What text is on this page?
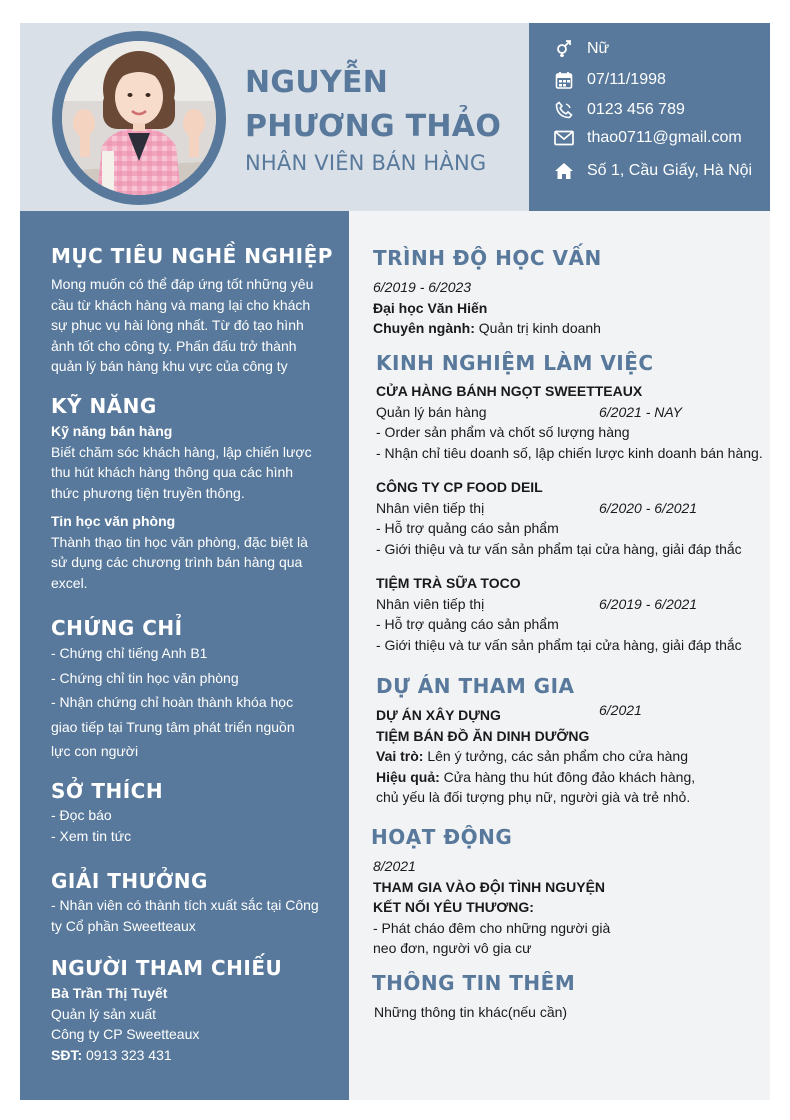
NGUYỄN
PHƯƠNG THẢO
NHÂN VIÊN BÁN HÀNG
Nữ
07/11/1998
0123 456 789
thao0711@gmail.com
Số 1, Cầu Giấy, Hà Nội
MỤC TIÊU NGHỀ NGHIỆP
Mong muốn có thể đáp ứng tốt những yêu
cầu từ khách hàng và mang lại cho khách
sự phục vụ hài lòng nhất. Từ đó tạo hình
ảnh tốt cho công ty. Phấn đấu trở thành
quản lý bán hàng khu vực của công ty
KỸ NĂNG
Kỹ năng bán hàng
Biết chăm sóc khách hàng, lập chiến lược
thu hút khách hàng thông qua các hình
thức phương tiện truyền thông.
Tin học văn phòng
Thành thạo tin học văn phòng, đặc biệt là
sử dụng các chương trình bán hàng qua
excel.
CHỨNG CHỈ
- Chứng chỉ tiếng Anh B1
- Chứng chỉ tin học văn phòng
- Nhận chứng chỉ hoàn thành khóa học
giao tiếp tại Trung tâm phát triển nguồn
lực con người
SỞ THÍCH
- Đọc báo
- Xem tin tức
GIẢI THƯỞNG
- Nhân viên có thành tích xuất sắc tại Công
ty Cổ phần Sweetteaux
NGƯỜI THAM CHIẾU
Bà Trần Thị Tuyết
Quản lý sản xuất
Công ty CP Sweetteaux
SĐT: 0913 323 431
TRÌNH ĐỘ HỌC VẤN
6/2019 - 6/2023
Đại học Văn Hiến
Chuyên ngành: Quản trị kinh doanh
KINH NGHIỆM LÀM VIỆC
CỬA HÀNG BÁNH NGỌT SWEETTEAUX
Quản lý bán hàng
- Order sản phẩm và chốt số lượng hàng
- Nhận chỉ tiêu doanh số, lập chiến lược kinh doanh bán hàng.
6/2021 - NAY
CÔNG TY CP FOOD DEIL
Nhân viên tiếp thị
- Hỗ trợ quảng cáo sản phẩm
- Giới thiệu và tư vấn sản phẩm tại cửa hàng, giải đáp thắc
6/2020 - 6/2021
TIỆM TRÀ SỮA TOCO
Nhân viên tiếp thị
- Hỗ trợ quảng cáo sản phẩm
- Giới thiệu và tư vấn sản phẩm tại cửa hàng, giải đáp thắc
6/2019 - 6/2021
DỰ ÁN THAM GIA
DỰ ÁN XÂY DỰNG
TIỆM BÁN ĐỒ ĂN DINH DƯỠNG
Vai trò: Lên ý tưởng, các sản phẩm cho cửa hàng
Hiệu quả: Cửa hàng thu hút đông đảo khách hàng,
chủ yếu là đối tượng phụ nữ, người già và trẻ nhỏ.
6/2021
HOẠT ĐỘNG
8/2021
THAM GIA VÀO ĐỘI TÌNH NGUYỆN
KẾT NỐI YÊU THƯƠNG:
- Phát cháo đêm cho những người già
neo đơn, người vô gia cư
THÔNG TIN THÊM
Những thông tin khác(nếu cần)
